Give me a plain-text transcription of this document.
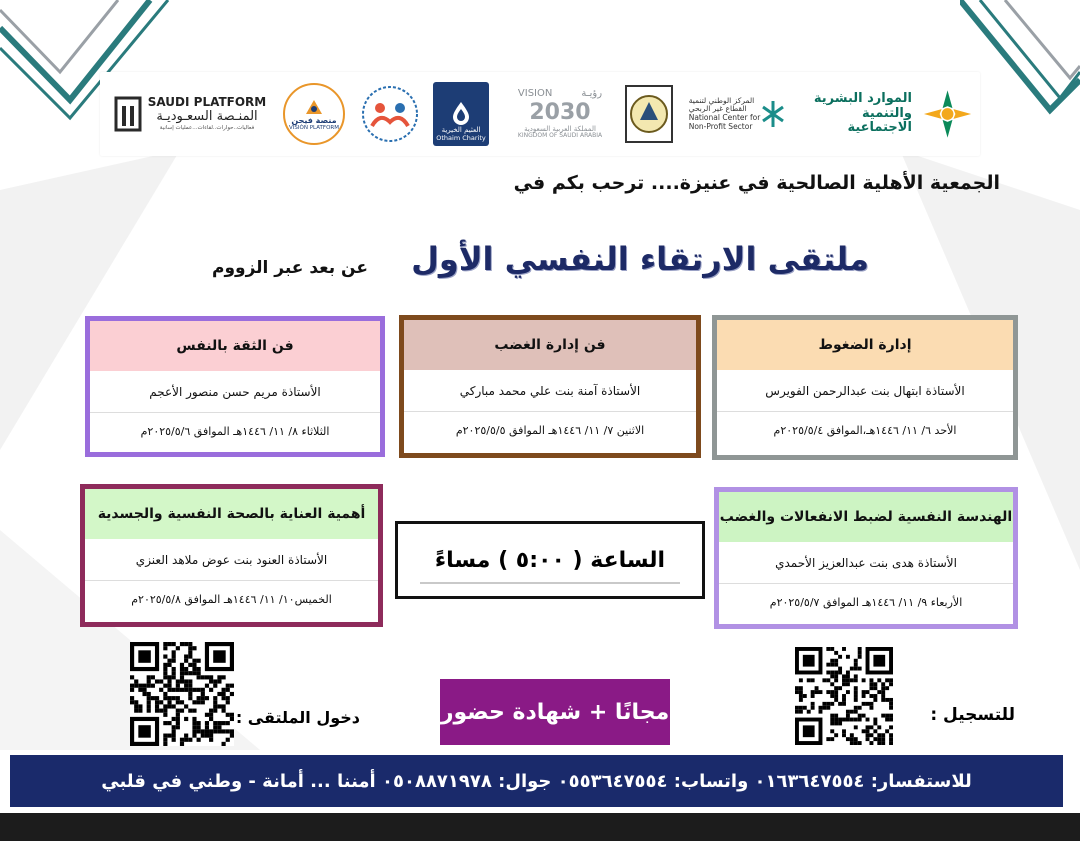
الموارد البشرية
والتنمية الاجتماعية
المركز الوطني لتنمية
القطاع غير الربحي
National Center for
Non-Profit Sector
VISION	رؤيـة
2030
المملكة العربية السعودية
KINGDOM OF SAUDI ARABIA
العثيم الخيرية
Othaim Charity
منصة فيجن
VISION PLATFORM
SAUDI PLATFORM
المنـصة السعـوديـة
فعاليات..حوارات..لقاءات...عمليات إسانية
الجمعية الأهلية الصالحية في عنيزة.... ترحب بكم في
ملتقى الارتقاء النفسي الأول
عن بعد عبر الزووم
إدارة الضغوط
الأستاذة ابتهال بنت عبدالرحمن الفويرس
الأحد ٦/ ١١/ ١٤٤٦هـ،الموافق ٢٠٢٥/٥/٤م
فن إدارة الغضب
الأستاذة آمنة بنت علي محمد مباركي
الاثنين ٧/ ١١/ ١٤٤٦هـ الموافق ٢٠٢٥/٥/٥م
فن الثقة بالنفس
الأستاذة مريم حسن منصور الأعجم
الثلاثاء ٨/ ١١/ ١٤٤٦هـ الموافق ٢٠٢٥/٥/٦م
الهندسة النفسية لضبط الانفعالات والغضب
الأستاذة هدى بنت عبدالعزيز الأحمدي
الأربعاء ٩/ ١١/ ١٤٤٦هـ الموافق ٢٠٢٥/٥/٧م
أهمية العناية بالصحة النفسية والجسدية
الأستاذة العنود بنت عوض ملاهد العنزي
الخميس١٠/ ١١/ ١٤٤٦هـ الموافق ٢٠٢٥/٥/٨م
الساعة ( ٥:٠٠ ) مساءً
مجانًا + شهادة حضور	للتسجيل :
دخول الملتقى :
للاستفسار: ٠١٦٣٦٤٧٥٥٤ واتساب: ٠٥٥٣٦٤٧٥٥٤ جوال: ٠٥٠٨٨٧١٩٧٨ أمننا ... أمانة - وطني في قلبي
